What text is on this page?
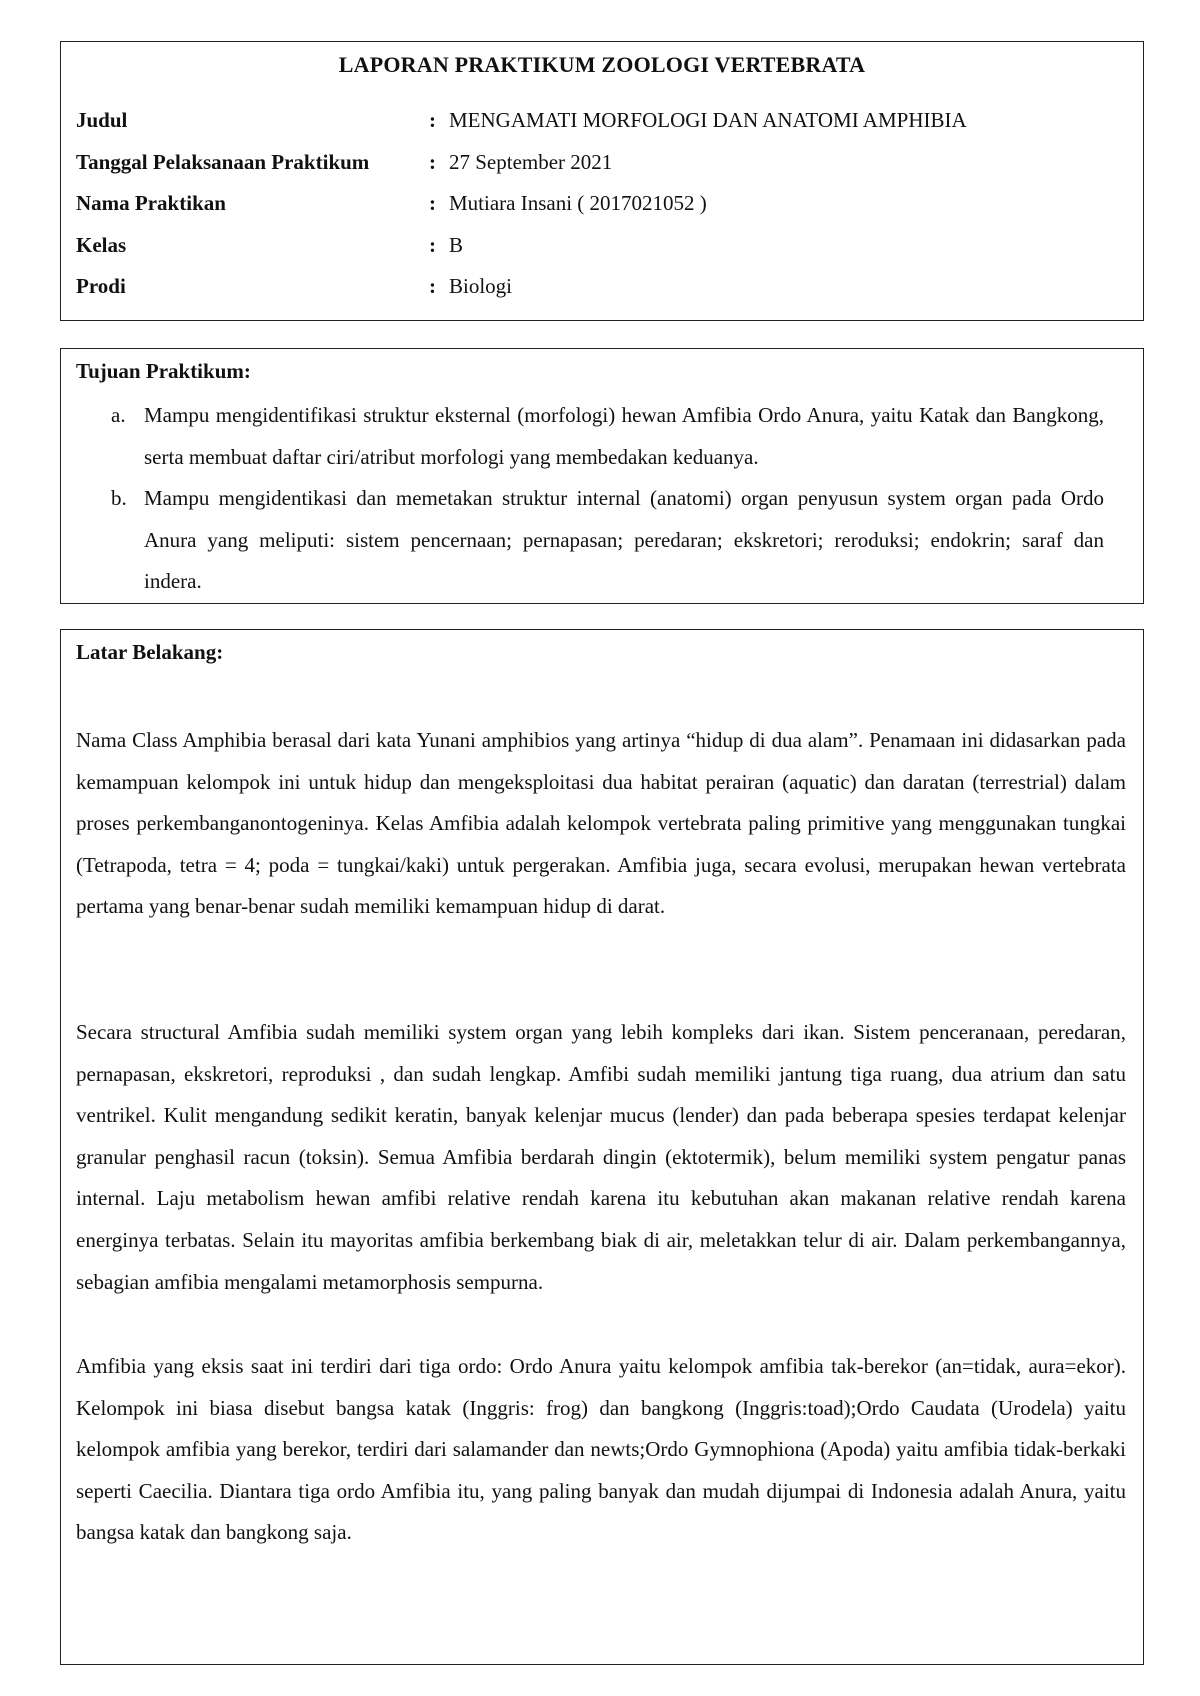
LAPORAN PRAKTIKUM ZOOLOGI VERTEBRATA
Judul	: MENGAMATI MORFOLOGI DAN ANATOMI AMPHIBIA
Tanggal Pelaksanaan Praktikum	: 27 September 2021
Nama Praktikan	: Mutiara Insani ( 2017021052 )
Kelas	: B
Prodi	: Biologi
Tujuan Praktikum:
a. Mampu mengidentifikasi struktur eksternal (morfologi) hewan Amfibia Ordo Anura, yaitu Katak dan Bangkong, serta membuat daftar ciri/atribut morfologi yang membedakan keduanya.
b. Mampu mengidentikasi dan memetakan struktur internal (anatomi) organ penyusun system organ pada Ordo Anura yang meliputi: sistem pencernaan; pernapasan; peredaran; ekskretori; reroduksi; endokrin; saraf dan indera.
Latar Belakang:

Nama Class Amphibia berasal dari kata Yunani amphibios yang artinya “hidup di dua alam”. Penamaan ini didasarkan pada kemampuan kelompok ini untuk hidup dan mengeksploitasi dua habitat perairan (aquatic) dan daratan (terrestrial) dalam proses perkembanganontogeninya. Kelas Amfibia adalah kelompok vertebrata paling primitive yang menggunakan tungkai (Tetrapoda, tetra = 4; poda = tungkai/kaki) untuk pergerakan. Amfibia juga, secara evolusi, merupakan hewan vertebrata pertama yang benar-benar sudah memiliki kemampuan hidup di darat.

Secara structural Amfibia sudah memiliki system organ yang lebih kompleks dari ikan. Sistem penceranaan, peredaran, pernapasan, ekskretori, reproduksi , dan sudah lengkap. Amfibi sudah memiliki jantung tiga ruang, dua atrium dan satu ventrikel. Kulit mengandung sedikit keratin, banyak kelenjar mucus (lender) dan pada beberapa spesies terdapat kelenjar granular penghasil racun (toksin). Semua Amfibia berdarah dingin (ektotermik), belum memiliki system pengatur panas internal. Laju metabolism hewan amfibi relative rendah karena itu kebutuhan akan makanan relative rendah karena energinya terbatas. Selain itu mayoritas amfibia berkembang biak di air, meletakkan telur di air. Dalam perkembangannya, sebagian amfibia mengalami metamorphosis sempurna.

Amfibia yang eksis saat ini terdiri dari tiga ordo: Ordo Anura yaitu kelompok amfibia tak-berekor (an=tidak, aura=ekor). Kelompok ini biasa disebut bangsa katak (Inggris: frog) dan bangkong (Inggris:toad);Ordo Caudata (Urodela) yaitu kelompok amfibia yang berekor, terdiri dari salamander dan newts;Ordo Gymnophiona (Apoda) yaitu amfibia tidak-berkaki seperti Caecilia. Diantara tiga ordo Amfibia itu, yang paling banyak dan mudah dijumpai di Indonesia adalah Anura, yaitu bangsa katak dan bangkong saja.
